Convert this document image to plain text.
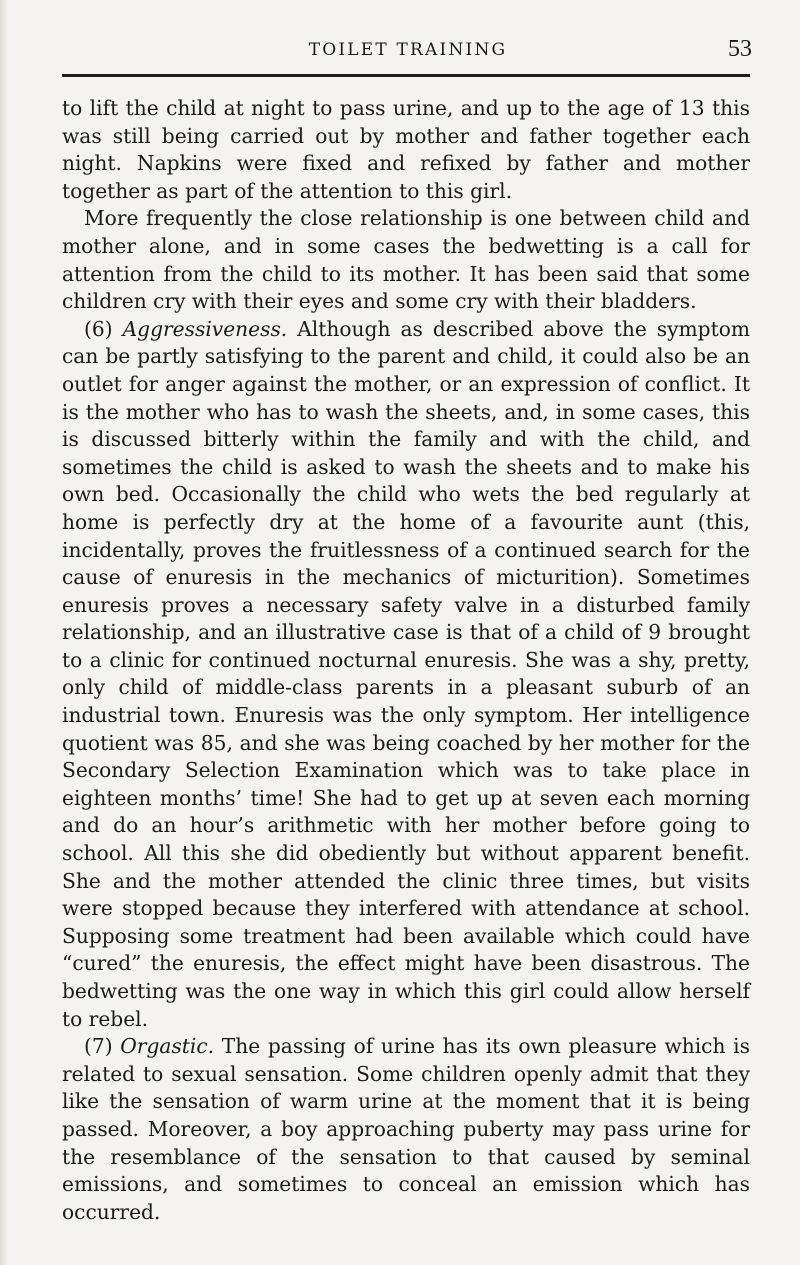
TOILET TRAINING	53

to lift the child at night to pass urine, and up to the age of 13 this was still being carried out by mother and father together each night. Napkins were fixed and refixed by father and mother together as part of the attention to this girl.

More frequently the close relationship is one between child and mother alone, and in some cases the bedwetting is a call for attention from the child to its mother. It has been said that some children cry with their eyes and some cry with their bladders.

(6) Aggressiveness. Although as described above the symptom can be partly satisfying to the parent and child, it could also be an outlet for anger against the mother, or an expression of conflict. It is the mother who has to wash the sheets, and, in some cases, this is discussed bitterly within the family and with the child, and sometimes the child is asked to wash the sheets and to make his own bed. Occasionally the child who wets the bed regularly at home is perfectly dry at the home of a favourite aunt (this, incidentally, proves the fruitlessness of a continued search for the cause of enuresis in the mechanics of micturition). Sometimes enuresis proves a necessary safety valve in a disturbed family relationship, and an illustrative case is that of a child of 9 brought to a clinic for continued nocturnal enuresis. She was a shy, pretty, only child of middle-class parents in a pleasant suburb of an industrial town. Enuresis was the only symptom. Her intelligence quotient was 85, and she was being coached by her mother for the Secondary Selection Examination which was to take place in eighteen months’ time! She had to get up at seven each morning and do an hour’s arithmetic with her mother before going to school. All this she did obediently but without apparent benefit. She and the mother attended the clinic three times, but visits were stopped because they interfered with attendance at school. Supposing some treatment had been available which could have “cured” the enuresis, the effect might have been disastrous. The bedwetting was the one way in which this girl could allow herself to rebel.

(7) Orgastic. The passing of urine has its own pleasure which is related to sexual sensation. Some children openly admit that they like the sensation of warm urine at the moment that it is being passed. Moreover, a boy approaching puberty may pass urine for the resemblance of the sensation to that caused by seminal emissions, and sometimes to conceal an emission which has occurred.
